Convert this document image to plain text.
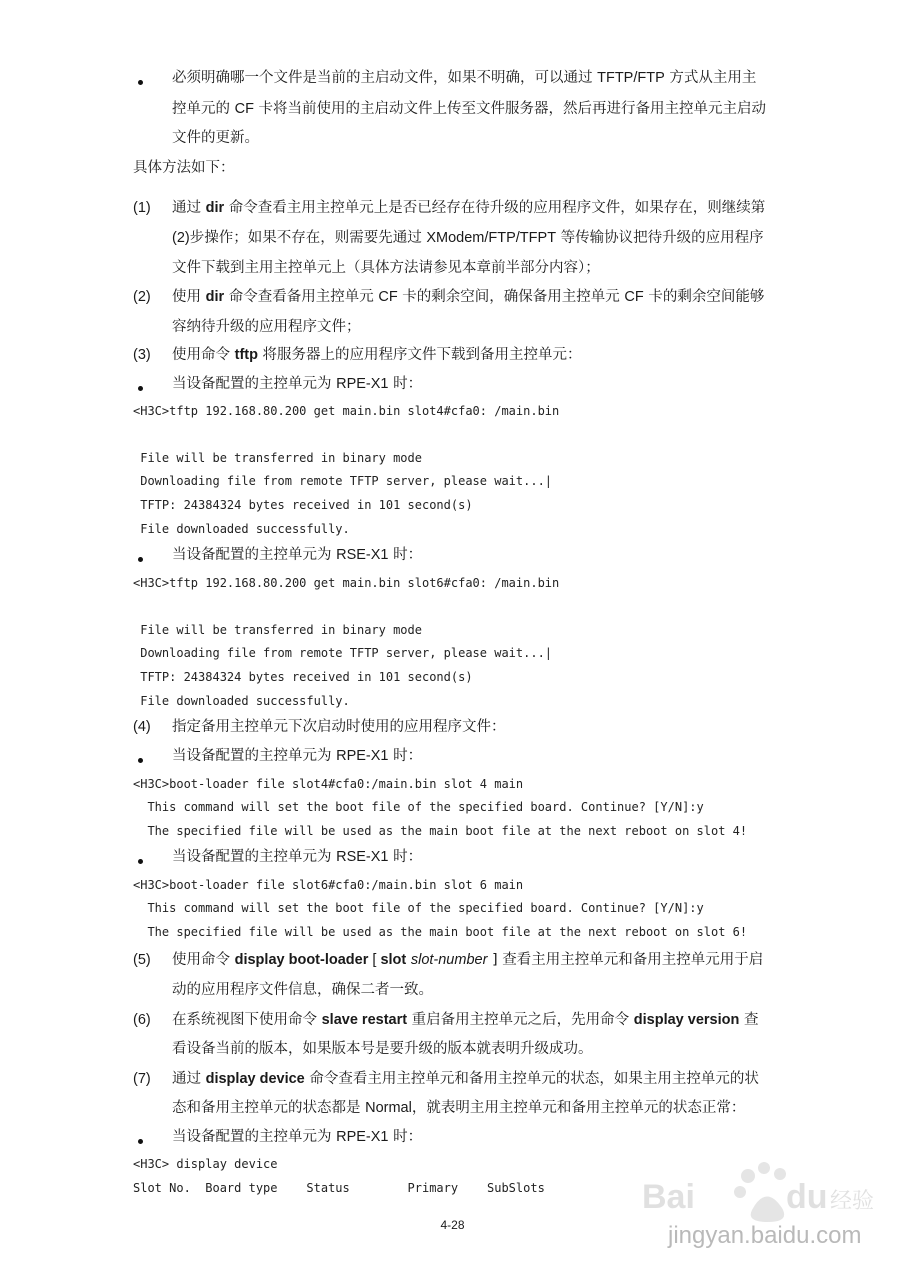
必须明确哪一个文件是当前的主启动文件，如果不明确，可以通过 TFTP/FTP 方式从主用主
控单元的 CF 卡将当前使用的主启动文件上传至文件服务器，然后再进行备用主控单元主启动
文件的更新。
具体方法如下：
(1) 通过 dir 命令查看主用主控单元上是否已经存在待升级的应用程序文件，如果存在，则继续第
(2)步操作；如果不存在，则需要先通过 XModem/FTP/TFPT 等传输协议把待升级的应用程序
文件下载到主用主控单元上（具体方法请参见本章前半部分内容）；
(2) 使用 dir 命令查看备用主控单元 CF 卡的剩余空间，确保备用主控单元 CF 卡的剩余空间能够
容纳待升级的应用程序文件；
(3) 使用命令 tftp 将服务器上的应用程序文件下载到备用主控单元：
当设备配置的主控单元为 RPE-X1 时：
<H3C>tftp 192.168.80.200 get main.bin slot4#cfa0: /main.bin
File will be transferred in binary mode
Downloading file from remote TFTP server, please wait...|
TFTP: 24384324 bytes received in 101 second(s)
File downloaded successfully.
当设备配置的主控单元为 RSE-X1 时：
<H3C>tftp 192.168.80.200 get main.bin slot6#cfa0: /main.bin
File will be transferred in binary mode
Downloading file from remote TFTP server, please wait...|
TFTP: 24384324 bytes received in 101 second(s)
File downloaded successfully.
(4) 指定备用主控单元下次启动时使用的应用程序文件：
当设备配置的主控单元为 RPE-X1 时：
<H3C>boot-loader file slot4#cfa0:/main.bin slot 4 main
This command will set the boot file of the specified board. Continue? [Y/N]:y
The specified file will be used as the main boot file at the next reboot on slot 4!
当设备配置的主控单元为 RSE-X1 时：
<H3C>boot-loader file slot6#cfa0:/main.bin slot 6 main
This command will set the boot file of the specified board. Continue? [Y/N]:y
The specified file will be used as the main boot file at the next reboot on slot 6!
(5) 使用命令 display boot-loader [ slot slot-number ] 查看主用主控单元和备用主控单元用于启
动的应用程序文件信息，确保二者一致。
(6) 在系统视图下使用命令 slave restart 重启备用主控单元之后，先用命令 display version 查
看设备当前的版本，如果版本号是要升级的版本就表明升级成功。
(7) 通过 display device 命令查看主用主控单元和备用主控单元的状态，如果主用主控单元的状
态和备用主控单元的状态都是 Normal，就表明主用主控单元和备用主控单元的状态正常：
当设备配置的主控单元为 RPE-X1 时：
<H3C> display device
Slot No.  Board type    Status        Primary    SubSlots
4-28
Bai	du 经验
jingyan.baidu.com
